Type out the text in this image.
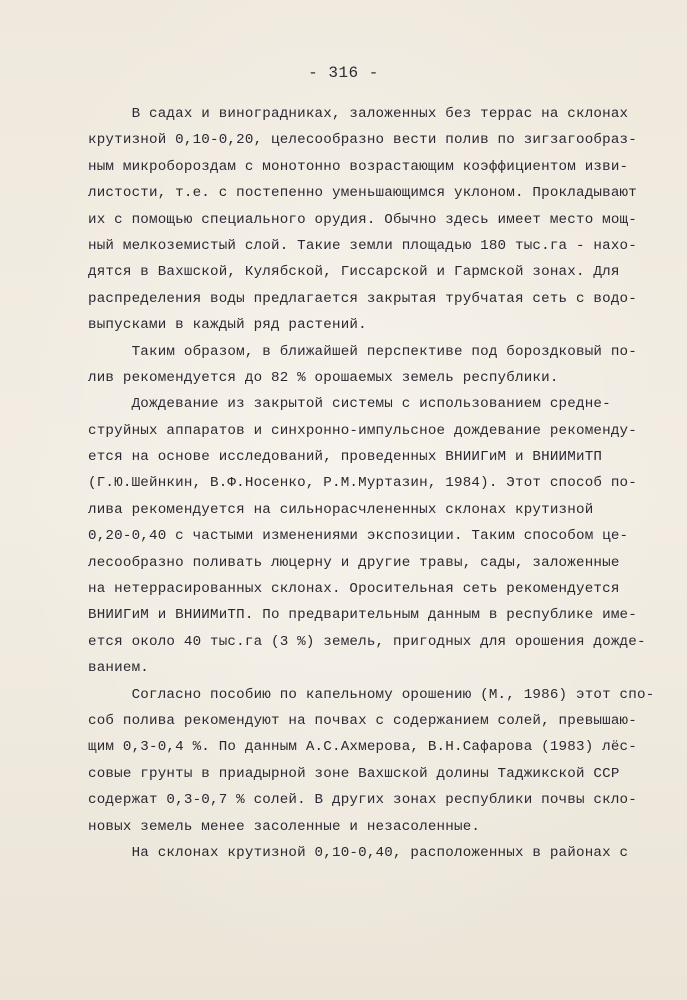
- 316 -
В садах и виноградниках, заложенных без террас на склонах
крутизной 0,10-0,20, целесообразно вести полив по зигзагообраз-
ным микробороздам с монотонно возрастающим коэффициентом изви-
листости, т.е. с постепенно уменьшающимся уклоном. Прокладывают
их с помощью специального орудия. Обычно здесь имеет место мощ-
ный мелкоземистый слой. Такие земли площадью 180 тыс.га - нахо-
дятся в Вахшской, Кулябской, Гиссарской и Гармской зонах. Для
распределения воды предлагается закрытая трубчатая сеть с водо-
выпусками в каждый ряд растений.
Таким образом, в ближайшей перспективе под бороздковый по-
лив рекомендуется до 82 % орошаемых земель республики.
Дождевание из закрытой системы с использованием средне-
струйных аппаратов и синхронно-импульсное дождевание рекоменду-
ется на основе исследований, проведенных ВНИИГиМ и ВНИИМиТП
(Г.Ю.Шейнкин, В.Ф.Носенко, Р.М.Муртазин, 1984). Этот способ по-
лива рекомендуется на сильнорасчлененных склонах крутизной
0,20-0,40 с частыми изменениями экспозиции. Таким способом це-
лесообразно поливать люцерну и другие травы, сады, заложенные
на нетеррасированных склонах. Оросительная сеть рекомендуется
ВНИИГиМ и ВНИИМиТП. По предварительным данным в республике име-
ется около 40 тыс.га (3 %) земель, пригодных для орошения дожде-
ванием.
Согласно пособию по капельному орошению (М., 1986) этот спо-
соб полива рекомендуют на почвах с содержанием солей, превышаю-
щим 0,3-0,4 %. По данным А.С.Ахмерова, В.Н.Сафарова (1983) лёс-
совые грунты в приадырной зоне Вахшской долины Таджикской ССР
содержат 0,3-0,7 % солей. В других зонах республики почвы скло-
новых земель менее засоленные и незасоленные.
На склонах крутизной 0,10-0,40, расположенных в районах с
